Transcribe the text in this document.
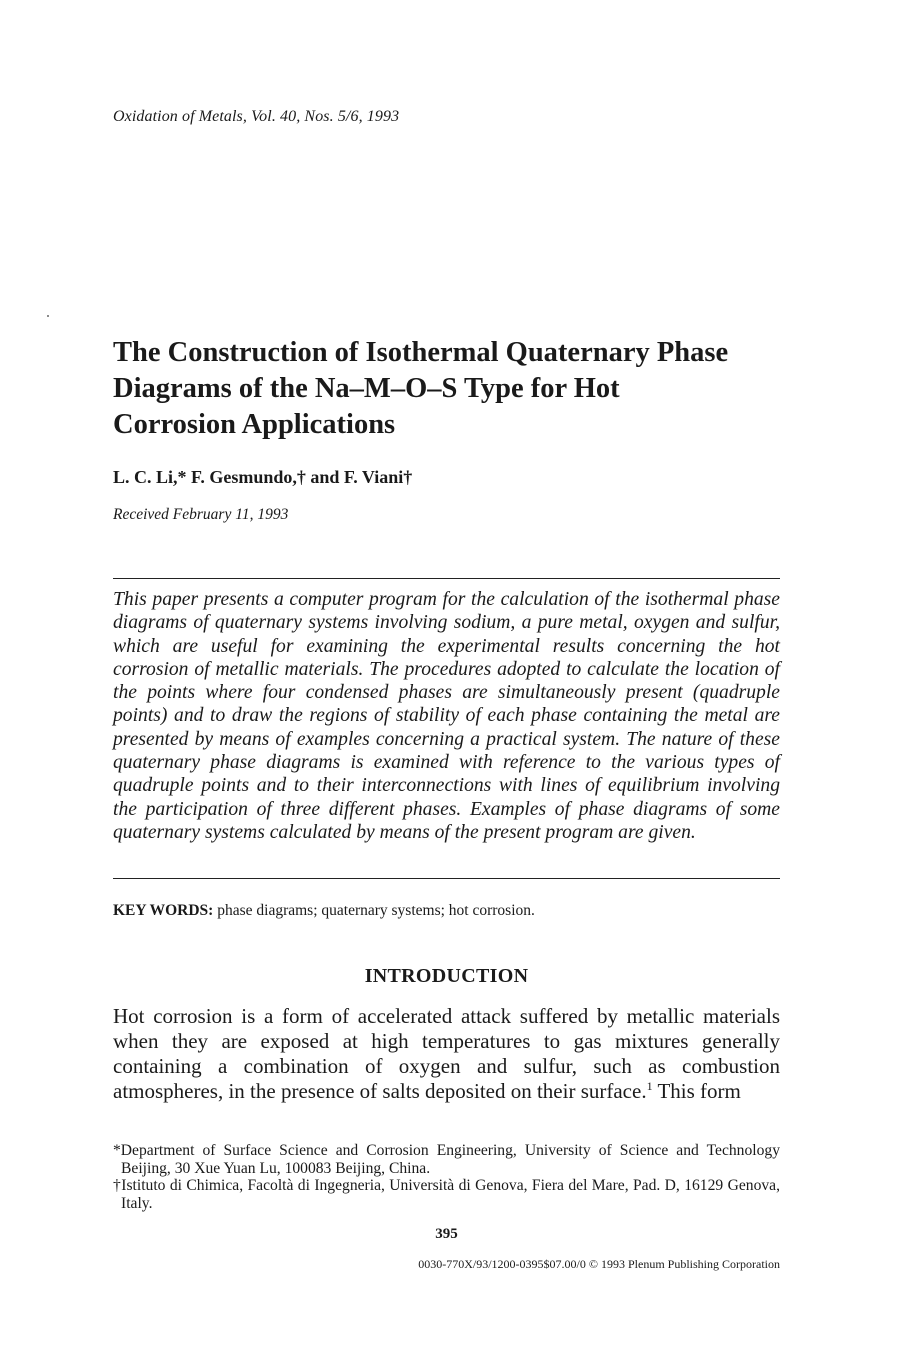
Oxidation of Metals, Vol. 40, Nos. 5/6, 1993
The Construction of Isothermal Quaternary Phase
Diagrams of the Na–M–O–S Type for Hot
Corrosion Applications
L. C. Li,* F. Gesmundo,† and F. Viani†
Received February 11, 1993

This paper presents a computer program for the calculation of the isothermal phase diagrams of quaternary systems involving sodium, a pure metal, oxygen and sulfur, which are useful for examining the experimental results concerning the hot corrosion of metallic materials. The procedures adopted to calculate the location of the points where four condensed phases are simultaneously present (quadruple points) and to draw the regions of stability of each phase containing the metal are presented by means of examples concerning a practical system. The nature of these quaternary phase diagrams is examined with reference to the various types of quadruple points and to their interconnections with lines of equilibrium involving the participation of three different phases. Examples of phase diagrams of some quaternary systems calculated by means of the present program are given.

KEY WORDS: phase diagrams; quaternary systems; hot corrosion.
INTRODUCTION

Hot corrosion is a form of accelerated attack suffered by metallic materials when they are exposed at high temperatures to gas mixtures generally containing a combination of oxygen and sulfur, such as combustion atmospheres, in the presence of salts deposited on their surface.$^1$ This form

*Department of Surface Science and Corrosion Engineering, University of Science and Technology Beijing, 30 Xue Yuan Lu, 100083 Beijing, China.

†Istituto di Chimica, Facoltà di Ingegneria, Università di Genova, Fiera del Mare, Pad. D, 16129 Genova, Italy.

395
0030-770X/93/1200-0395$07.00/0 © 1993 Plenum Publishing Corporation
